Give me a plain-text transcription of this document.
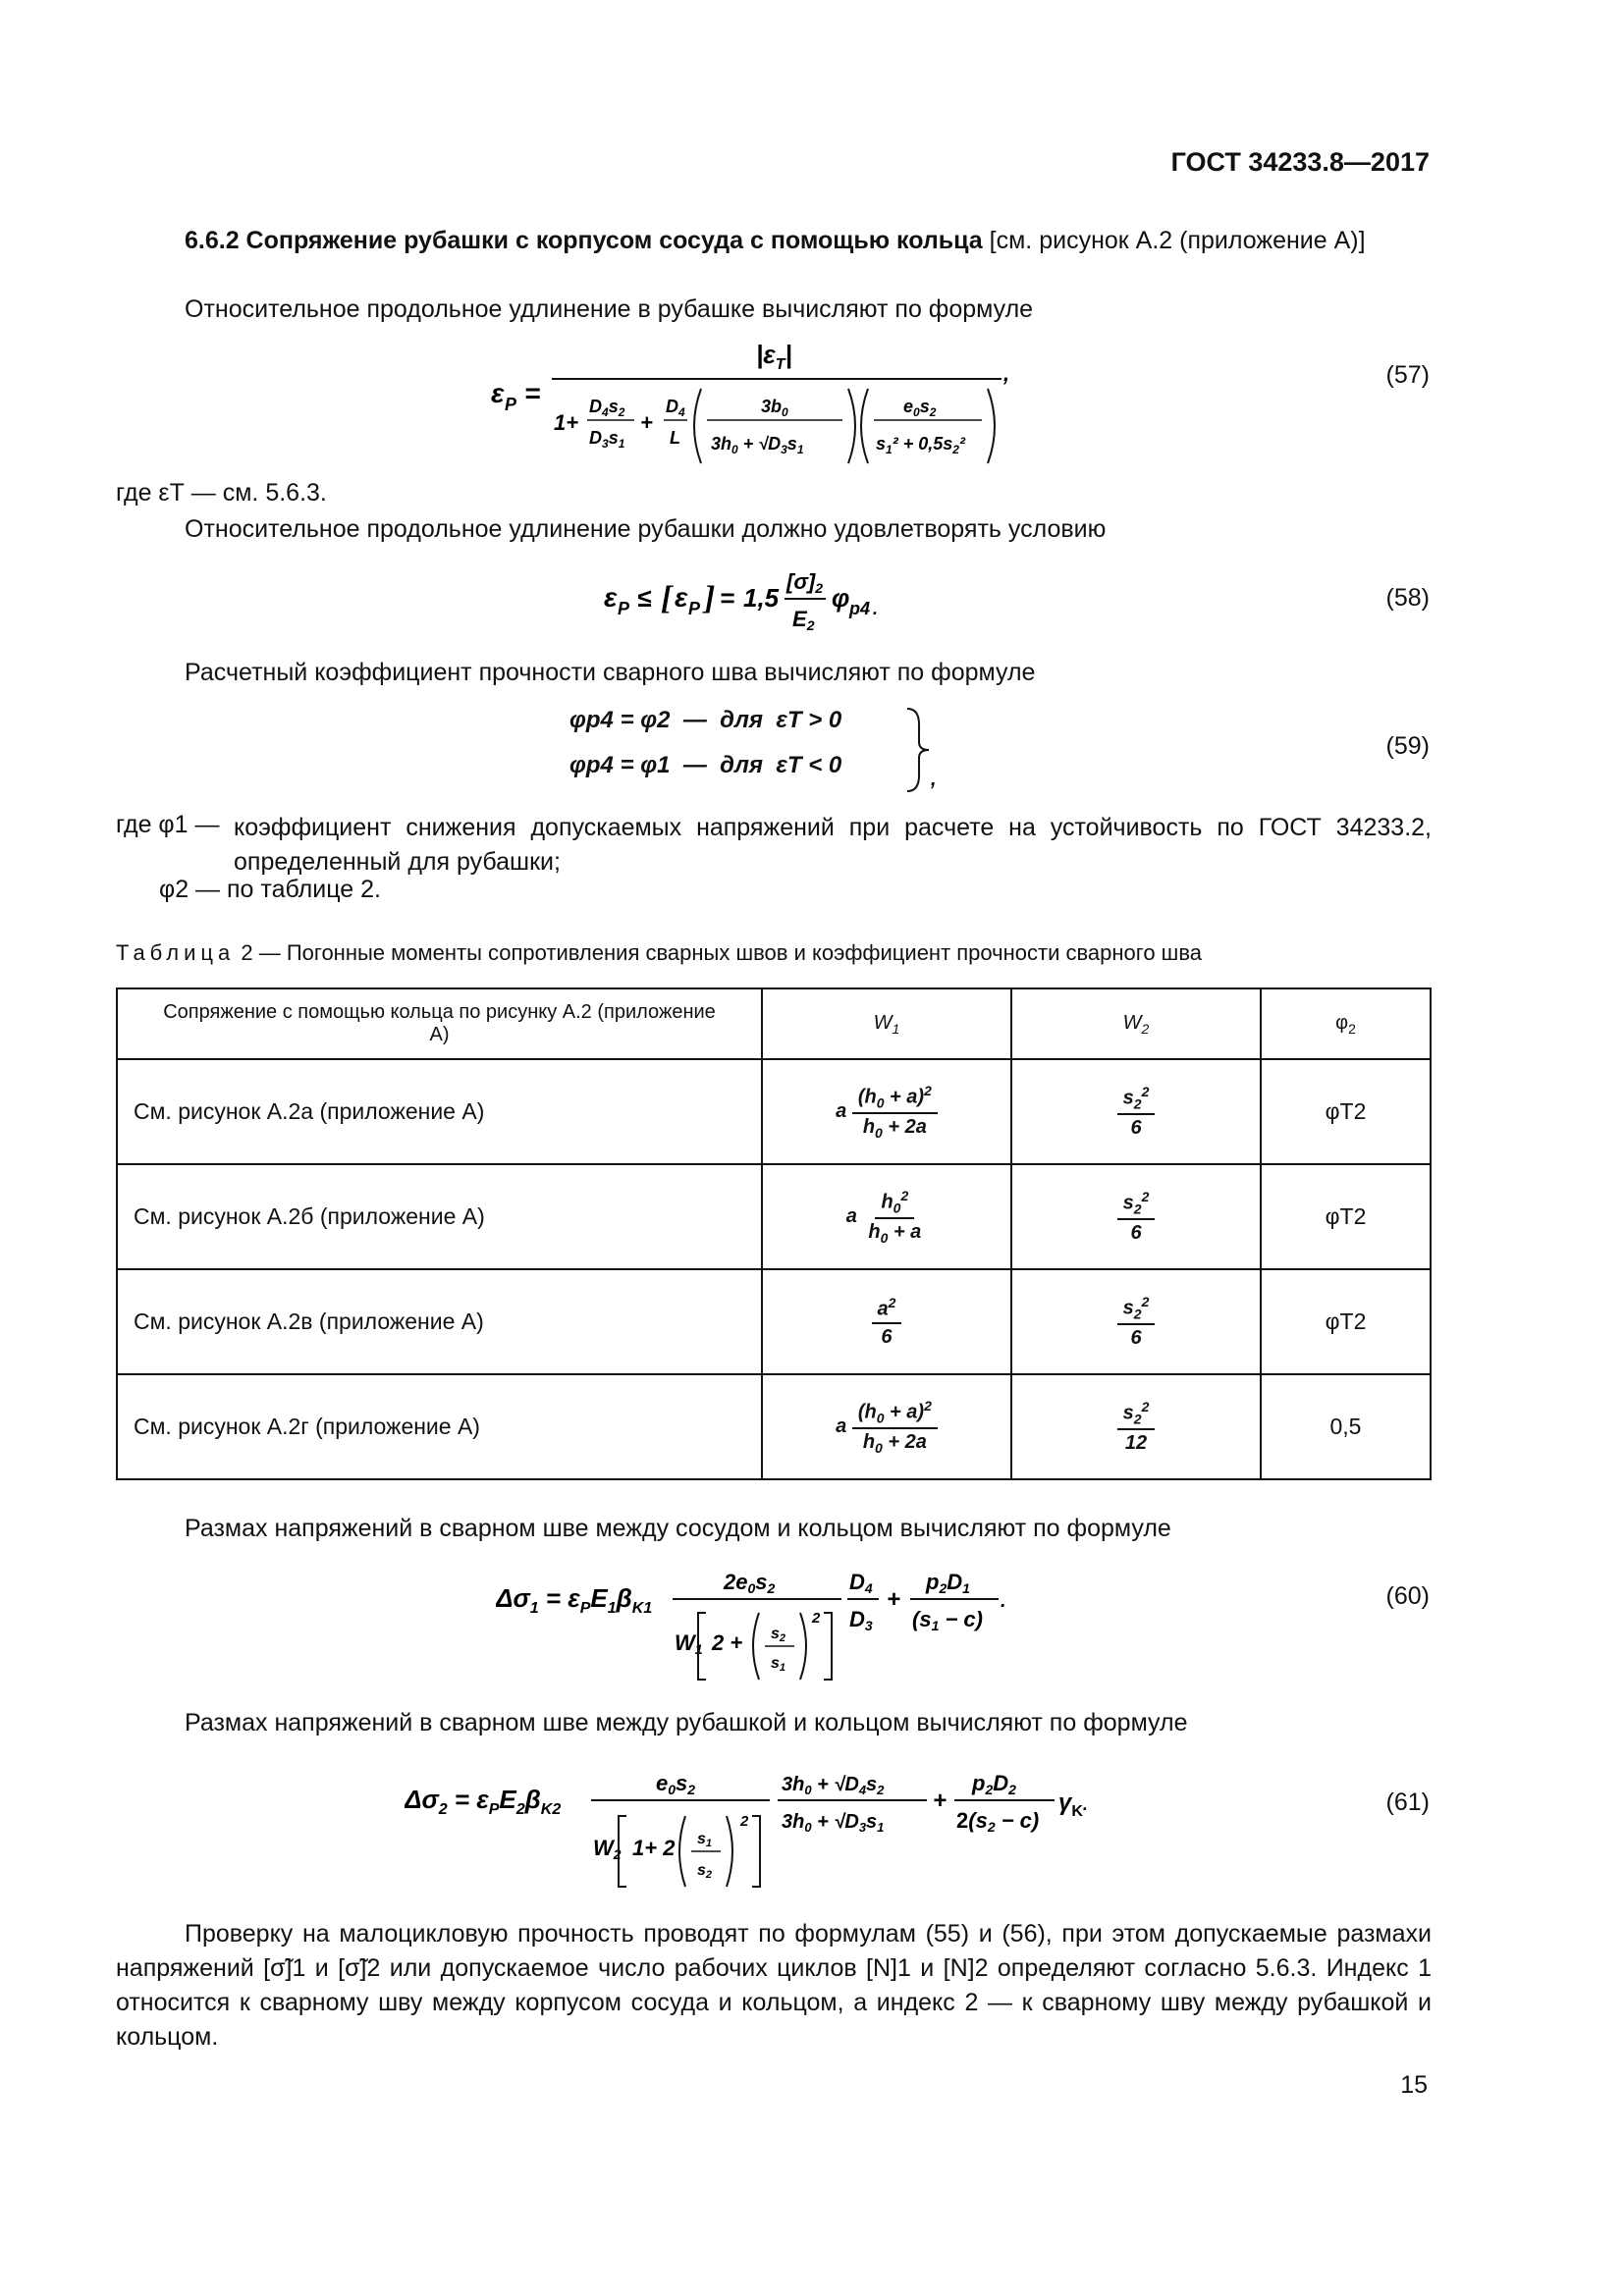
ГОСТ 34233.8—2017
6.6.2 Сопряжение рубашки с корпусом сосуда с помощью кольца [см. рисунок А.2 (приложение А)]
Относительное продольное удлинение в рубашке вычисляют по формуле
ε P =
$|\varepsilon_T|$
,
1+
$D_4s_2$
$D_3s_1$
+
$D_4$
L
$3b_0$
$3h_0 + √D_3s_1$
$e_0s_2$
$s_1^2 + 0,5s_2^2$
(57)
где εТ — см. 5.6.3.
Относительное продольное удлинение рубашки должно удовлетворять условию
ε P ≤ [ ε P ] = 1,5
[σ]2
E2
φ p4 .	(58)
Расчетный коэффициент прочности сварного шва вычисляют по формуле
φp4 = φ2  —  для  εТ > 0
φp4 = φ1  —  для  εТ < 0
,
(59)
где φ1 — коэффициент снижения допускаемых напряжений при расчете на устойчивость по ГОСТ 34233.2, определенный для рубашки;
φ2 — по таблице 2.
Таблица 2 — Погонные моменты сопротивления сварных швов и коэффициент прочности сварного шва
Сопряжение с помощью кольца по рисунку А.2 (приложение А)	$W_1$	$W_2$	$\varphi_2$
См. рисунок А.2а (приложение А)	a $\frac{(h_0 + a)^2}{h_0 + 2a}$	$\frac{s_2^2}{6}$	φТ2
См. рисунок А.2б (приложение А)	a $\frac{h_0^2}{h_0 + a}$	$\frac{s_2^2}{6}$	φТ2
См. рисунок А.2в (приложение А)	$\frac{a^2}{6}$	$\frac{s_2^2}{6}$	φТ2
См. рисунок А.2г (приложение А)	a $\frac{(h_0 + a)^2}{h_0 + 2a}$	$\frac{s_2^2}{12}$	0,5
Размах напряжений в сварном шве между сосудом и кольцом вычисляют по формуле
$\Delta\sigma_1 = \varepsilon_PE_1\beta_{K1}$
2e0s2
W1 2 + s2
s1
2
D4
D3
+
p2D1
(s1 − c)
.	(60)
Размах напряжений в сварном шве между рубашкой и кольцом вычисляют по формуле
$\Delta\sigma_2 = \varepsilon_PE_2\beta_{K2}$
e0s2
W2 1+ 2 s1
s2
2
$3h_0 + √D_4s_2$
$3h_0 + √D_3s_1$
+
p2D2
2(s2 − c)
$\gamma_K^.$	(61)
Проверку на малоцикловую прочность проводят по формулам (55) и (56), при этом допускаемые размахи напряжений [σ̃]1 и [σ̃]2 или допускаемое число рабочих циклов [N]1 и [N]2 определяют согласно 5.6.3. Индекс 1 относится к сварному шву между корпусом сосуда и кольцом, а индекс 2 — к сварному шву между рубашкой и кольцом.
15
